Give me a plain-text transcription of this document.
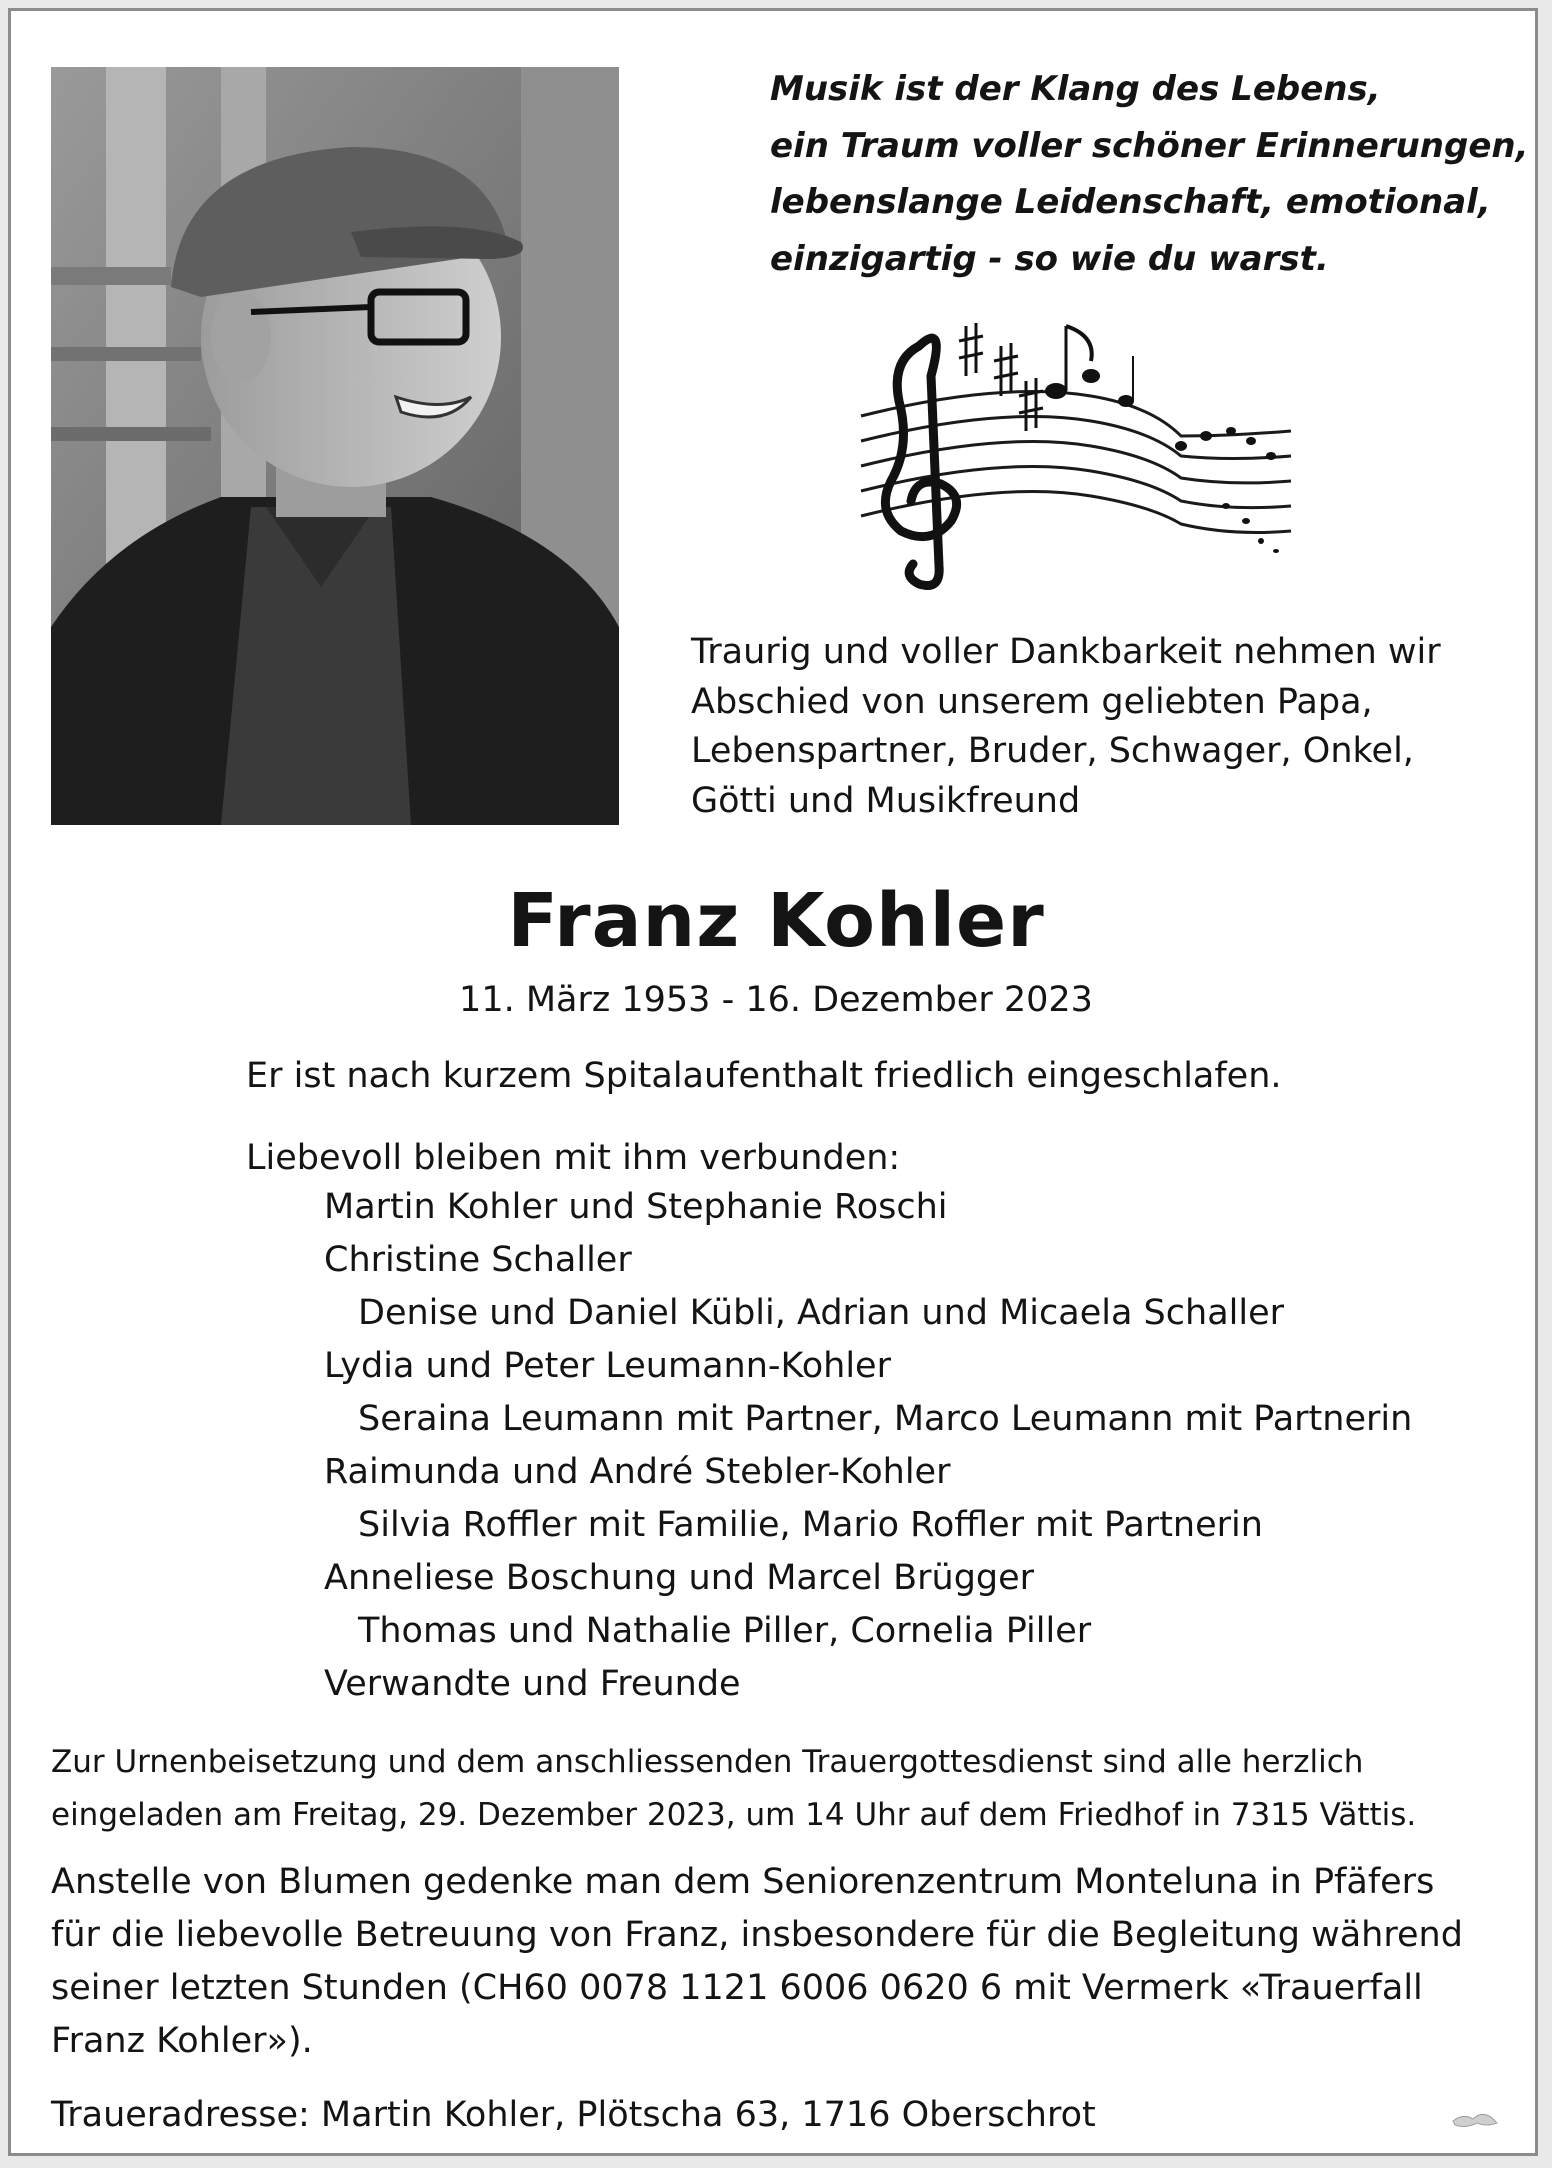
Musik ist der Klang des Lebens,
ein Traum voller schöner Erinnerungen,
lebenslange Leidenschaft, emotional,
einzigartig - so wie du warst.
Traurig und voller Dankbarkeit nehmen wir
Abschied von unserem geliebten Papa,
Lebenspartner, Bruder, Schwager, Onkel,
Götti und Musikfreund
Franz Kohler
11. März 1953 - 16. Dezember 2023
Er ist nach kurzem Spitalaufenthalt friedlich eingeschlafen.
Liebevoll bleiben mit ihm verbunden:
Martin Kohler und Stephanie Roschi
Christine Schaller
Denise und Daniel Kübli, Adrian und Micaela Schaller
Lydia und Peter Leumann-Kohler
Seraina Leumann mit Partner, Marco Leumann mit Partnerin
Raimunda und André Stebler-Kohler
Silvia Roffler mit Familie, Mario Roffler mit Partnerin
Anneliese Boschung und Marcel Brügger
Thomas und Nathalie Piller, Cornelia Piller
Verwandte und Freunde
Zur Urnenbeisetzung und dem anschliessenden Trauergottesdienst sind alle herzlich
eingeladen am Freitag, 29. Dezember 2023, um 14 Uhr auf dem Friedhof in 7315 Vättis.
Anstelle von Blumen gedenke man dem Seniorenzentrum Monteluna in Pfäfers
für die liebevolle Betreuung von Franz, insbesondere für die Begleitung während
seiner letzten Stunden (CH60 0078 1121 6006 0620 6 mit Vermerk «Trauerfall
Franz Kohler»).
Traueradresse: Martin Kohler, Plötscha 63, 1716 Oberschrot
